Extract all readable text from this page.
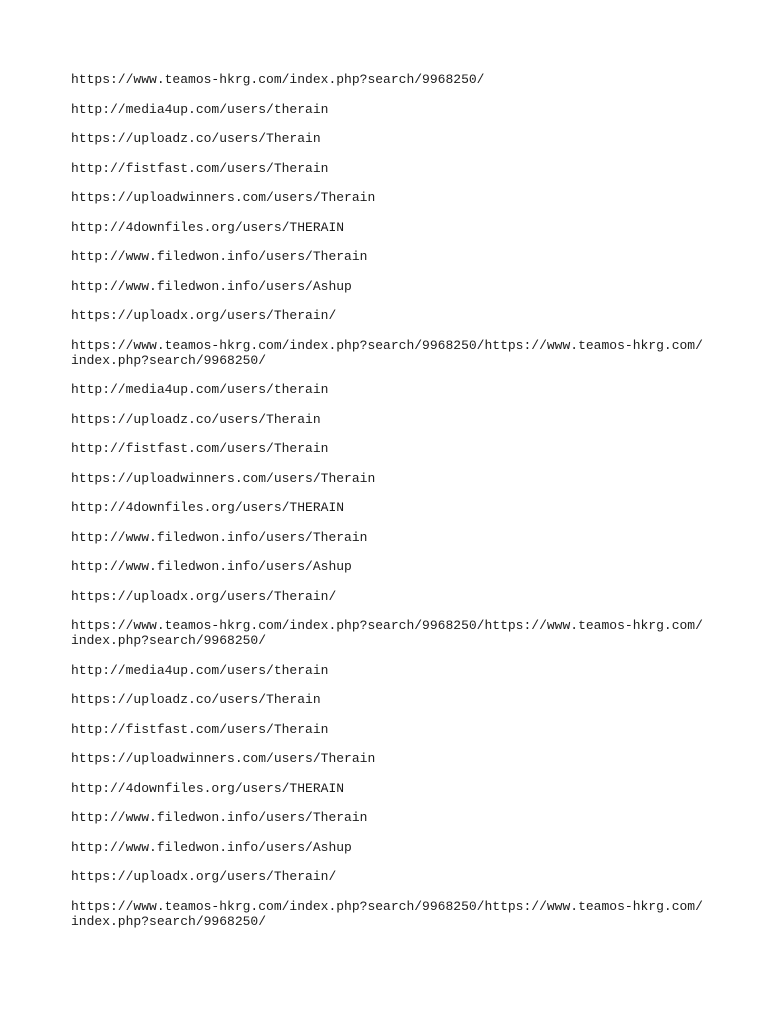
https://www.teamos-hkrg.com/index.php?search/9968250/
http://media4up.com/users/therain
https://uploadz.co/users/Therain
http://fistfast.com/users/Therain
https://uploadwinners.com/users/Therain
http://4downfiles.org/users/THERAIN
http://www.filedwon.info/users/Therain
http://www.filedwon.info/users/Ashup
https://uploadx.org/users/Therain/
https://www.teamos-hkrg.com/index.php?search/9968250/https://www.teamos-hkrg.com/
index.php?search/9968250/
http://media4up.com/users/therain
https://uploadz.co/users/Therain
http://fistfast.com/users/Therain
https://uploadwinners.com/users/Therain
http://4downfiles.org/users/THERAIN
http://www.filedwon.info/users/Therain
http://www.filedwon.info/users/Ashup
https://uploadx.org/users/Therain/
https://www.teamos-hkrg.com/index.php?search/9968250/https://www.teamos-hkrg.com/
index.php?search/9968250/
http://media4up.com/users/therain
https://uploadz.co/users/Therain
http://fistfast.com/users/Therain
https://uploadwinners.com/users/Therain
http://4downfiles.org/users/THERAIN
http://www.filedwon.info/users/Therain
http://www.filedwon.info/users/Ashup
https://uploadx.org/users/Therain/
https://www.teamos-hkrg.com/index.php?search/9968250/https://www.teamos-hkrg.com/
index.php?search/9968250/
